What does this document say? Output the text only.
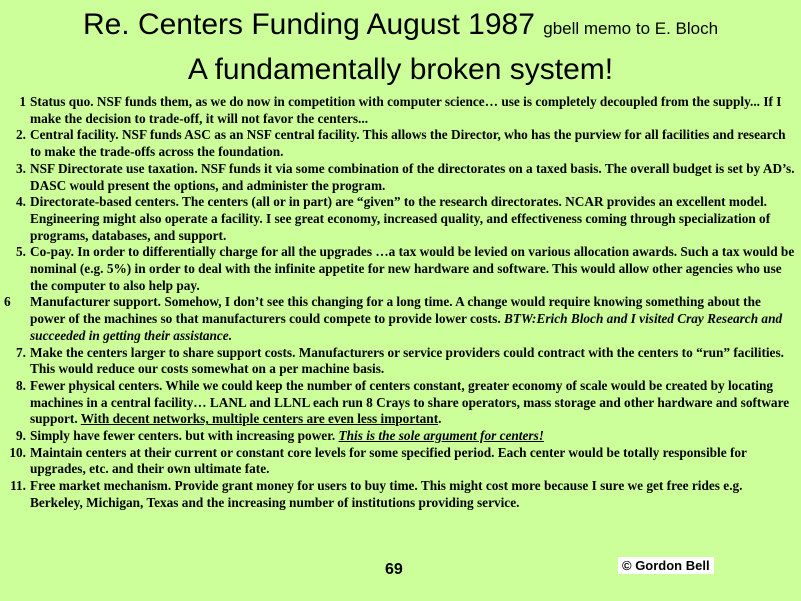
Re. Centers Funding August 1987 gbell memo to E. Bloch
A fundamentally broken system!
1 Status quo. NSF funds them, as we do now in competition with computer science… use is completely decoupled from the supply... If I make the decision to trade-off, it will not favor the centers...
2. Central facility. NSF funds ASC as an NSF central facility. This allows the Director, who has the purview for all facilities and research to make the trade-offs across the foundation.
3. NSF Directorate use taxation. NSF funds it via some combination of the directorates on a taxed basis. The overall budget is set by AD’s. DASC would present the options, and administer the program.
4. Directorate-based centers. The centers (all or in part) are “given” to the research directorates. NCAR provides an excellent model. Engineering might also operate a facility. I see great economy, increased quality, and effectiveness coming through specialization of programs, databases, and support.
5. Co-pay. In order to differentially charge for all the upgrades …a tax would be levied on various allocation awards. Such a tax would be nominal (e.g. 5%) in order to deal with the infinite appetite for new hardware and software. This would allow other agencies who use the computer to also help pay.
6	Manufacturer support. Somehow, I don’t see this changing for a long time. A change would require knowing something about the power of the machines so that manufacturers could compete to provide lower costs. BTW:Erich Bloch and I visited Cray Research and succeeded in getting their assistance.
7. Make the centers larger to share support costs. Manufacturers or service providers could contract with the centers to “run” facilities. This would reduce our costs somewhat on a per machine basis.
8. Fewer physical centers. While we could keep the number of centers constant, greater economy of scale would be created by locating machines in a central facility… LANL and LLNL each run 8 Crays to share operators, mass storage and other hardware and software support. With decent networks, multiple centers are even less important.
9. Simply have fewer centers. but with increasing power. This is the sole argument for centers!
10. Maintain centers at their current or constant core levels for some specified period. Each center would be totally responsible for upgrades, etc. and their own ultimate fate.
11. Free market mechanism. Provide grant money for users to buy time. This might cost more because I sure we get free rides e.g. Berkeley, Michigan, Texas and the increasing number of institutions providing service.
69	© Gordon Bell
